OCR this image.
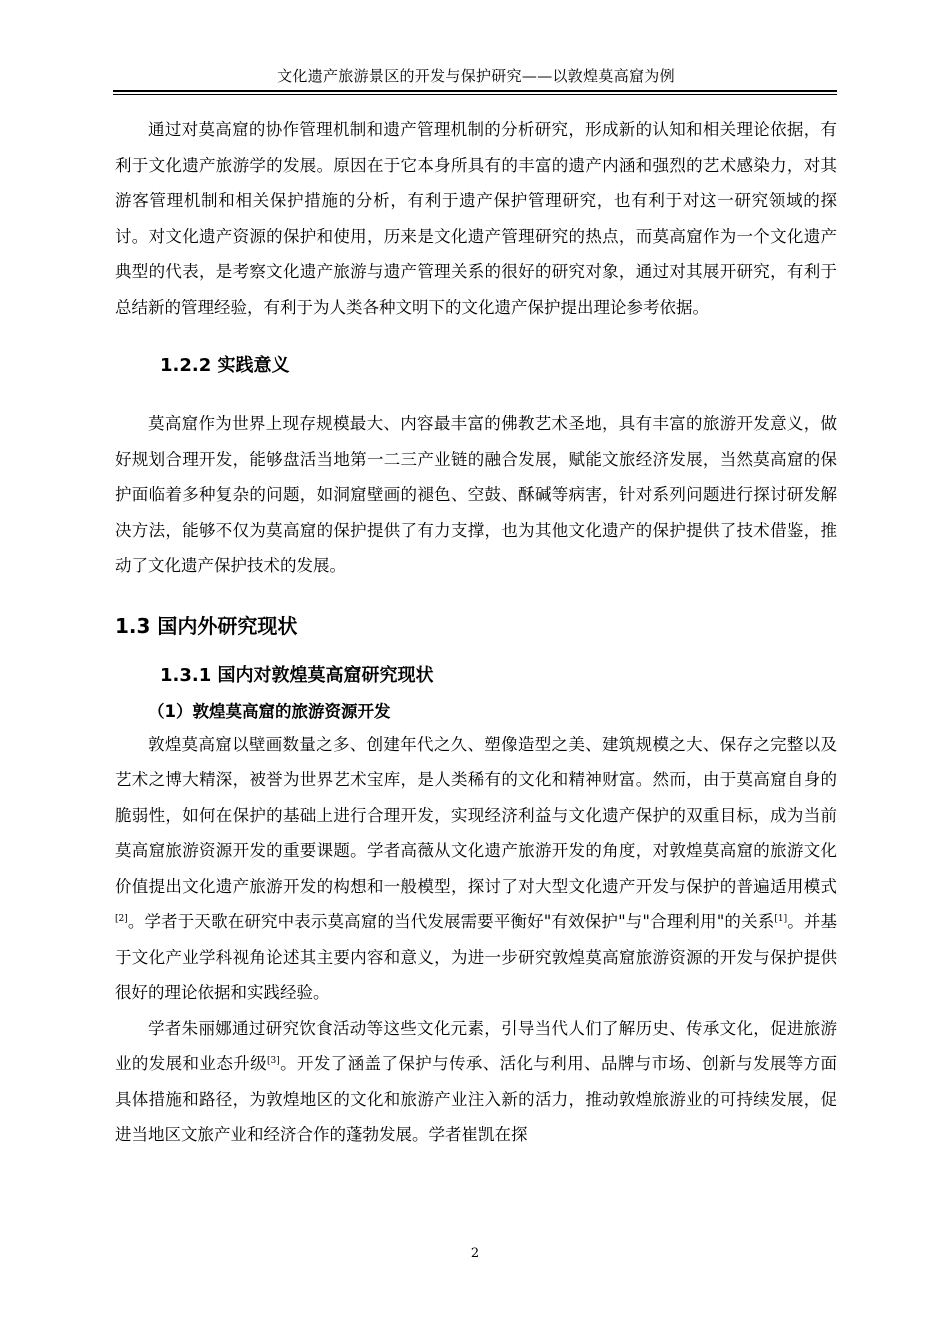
文化遗产旅游景区的开发与保护研究——以敦煌莫高窟为例

通过对莫高窟的协作管理机制和遗产管理机制的分析研究，形成新的认知和相关理论依据，有利于文化遗产旅游学的发展。原因在于它本身所具有的丰富的遗产内涵和强烈的艺术感染力，对其游客管理机制和相关保护措施的分析，有利于遗产保护管理研究，也有利于对这一研究领域的探讨。对文化遗产资源的保护和使用，历来是文化遗产管理研究的热点，而莫高窟作为一个文化遗产典型的代表，是考察文化遗产旅游与遗产管理关系的很好的研究对象，通过对其展开研究，有利于总结新的管理经验，有利于为人类各种文明下的文化遗产保护提出理论参考依据。

1.2.2 实践意义

莫高窟作为世界上现存规模最大、内容最丰富的佛教艺术圣地，具有丰富的旅游开发意义，做好规划合理开发，能够盘活当地第一二三产业链的融合发展，赋能文旅经济发展，当然莫高窟的保护面临着多种复杂的问题，如洞窟壁画的褪色、空鼓、酥碱等病害，针对系列问题进行探讨研发解决方法，能够不仅为莫高窟的保护提供了有力支撑，也为其他文化遗产的保护提供了技术借鉴，推动了文化遗产保护技术的发展。

1.3 国内外研究现状
1.3.1 国内对敦煌莫高窟研究现状
（1）敦煌莫高窟的旅游资源开发

敦煌莫高窟以壁画数量之多、创建年代之久、塑像造型之美、建筑规模之大、保存之完整以及艺术之博大精深，被誉为世界艺术宝库，是人类稀有的文化和精神财富。然而，由于莫高窟自身的脆弱性，如何在保护的基础上进行合理开发，实现经济利益与文化遗产保护的双重目标，成为当前莫高窟旅游资源开发的重要课题。学者高薇从文化遗产旅游开发的角度，对敦煌莫高窟的旅游文化价值提出文化遗产旅游开发的构想和一般模型，探讨了对大型文化遗产开发与保护的普遍适用模式[2]。学者于天歌在研究中表示莫高窟的当代发展需要平衡好"有效保护"与"合理利用"的关系[1]。并基于文化产业学科视角论述其主要内容和意义，为进一步研究敦煌莫高窟旅游资源的开发与保护提供很好的理论依据和实践经验。

学者朱丽娜通过研究饮食活动等这些文化元素，引导当代人们了解历史、传承文化，促进旅游业的发展和业态升级[3]。开发了涵盖了保护与传承、活化与利用、品牌与市场、创新与发展等方面具体措施和路径，为敦煌地区的文化和旅游产业注入新的活力，推动敦煌旅游业的可持续发展，促进当地区文旅产业和经济合作的蓬勃发展。学者崔凯在探

2
